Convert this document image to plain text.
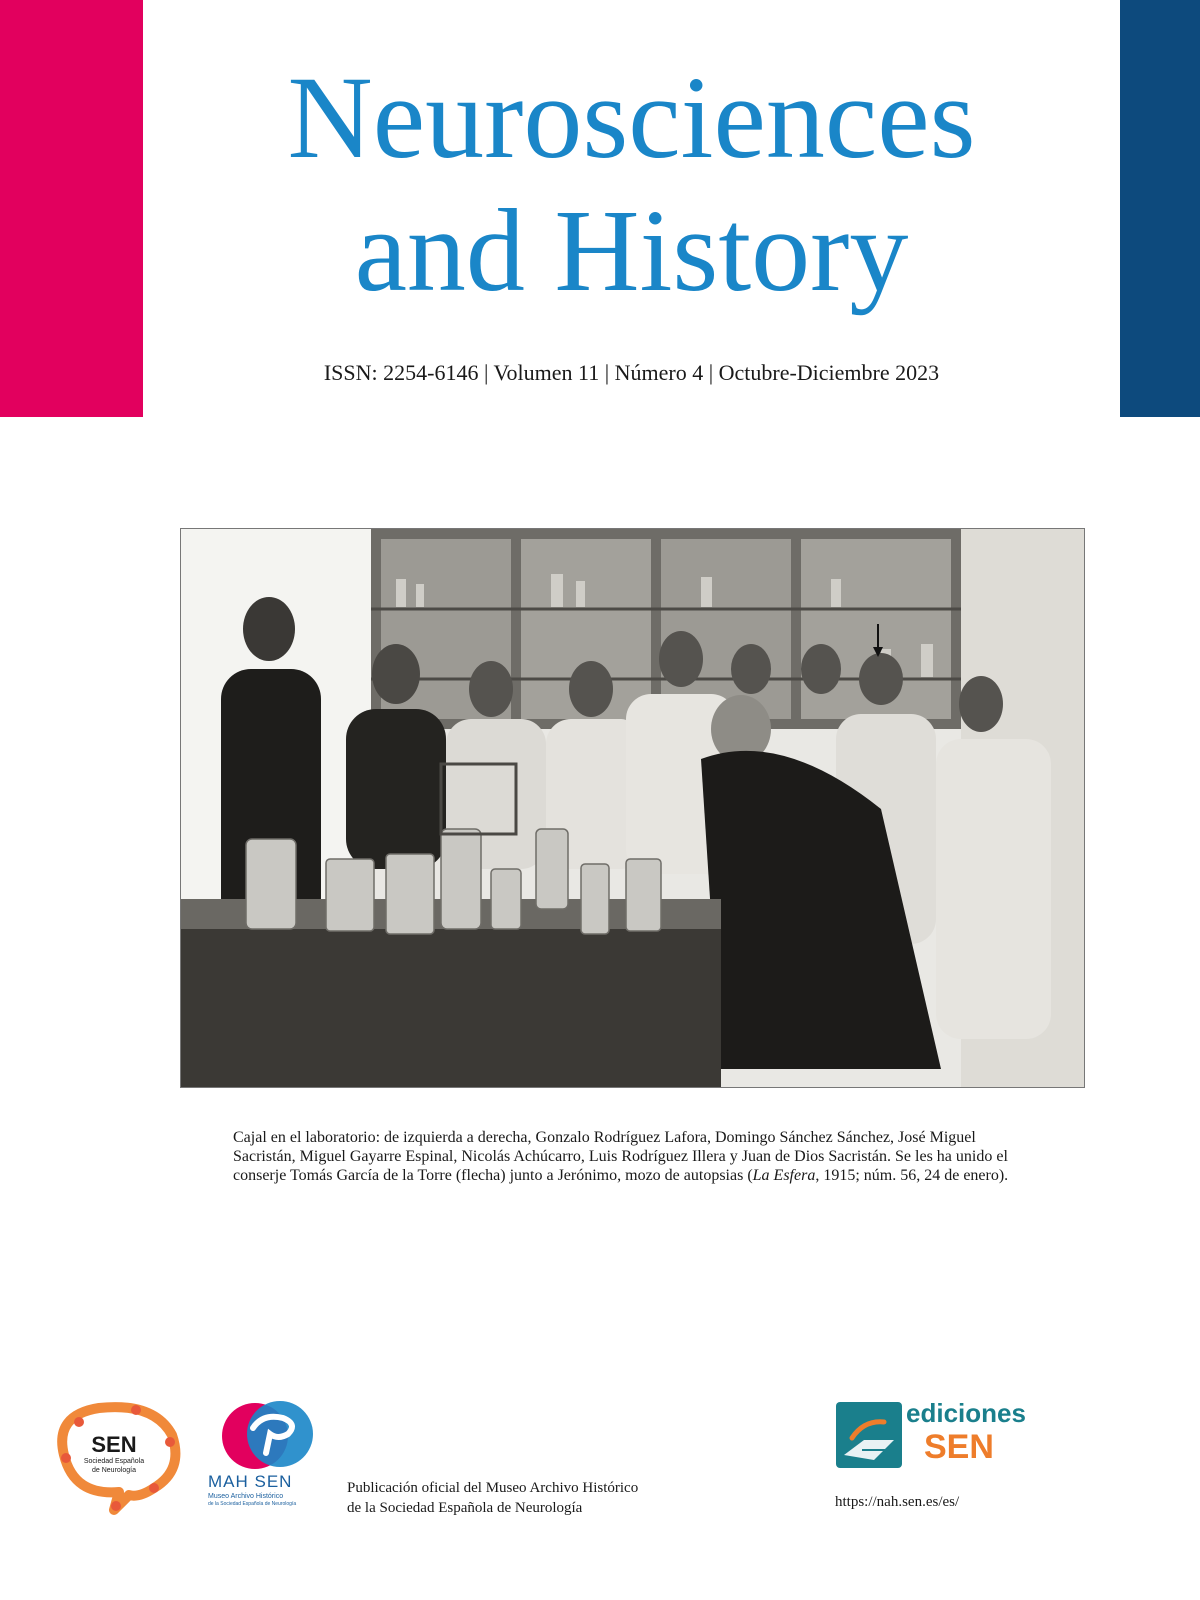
Neurosciences
and History
ISSN: 2254-6146 | Volumen 11 | Número 4 | Octubre-Diciembre 2023
Cajal en el laboratorio: de izquierda a derecha, Gonzalo Rodríguez Lafora, Domingo Sánchez Sánchez, José Miguel Sacristán, Miguel Gayarre Espinal, Nicolás Achúcarro, Luis Rodríguez Illera y Juan de Dios Sacristán. Se les ha unido el conserje Tomás García de la Torre (flecha) junto a Jerónimo, mozo de autopsias (La Esfera, 1915; núm. 56, 24 de enero).
SEN
Sociedad Española
de Neurología
MAH SEN
Museo Archivo Histórico
de la Sociedad Española de Neurología
Publicación oficial del Museo Archivo Histórico
de la Sociedad Española de Neurología
ediciones
SEN
https://nah.sen.es/es/
